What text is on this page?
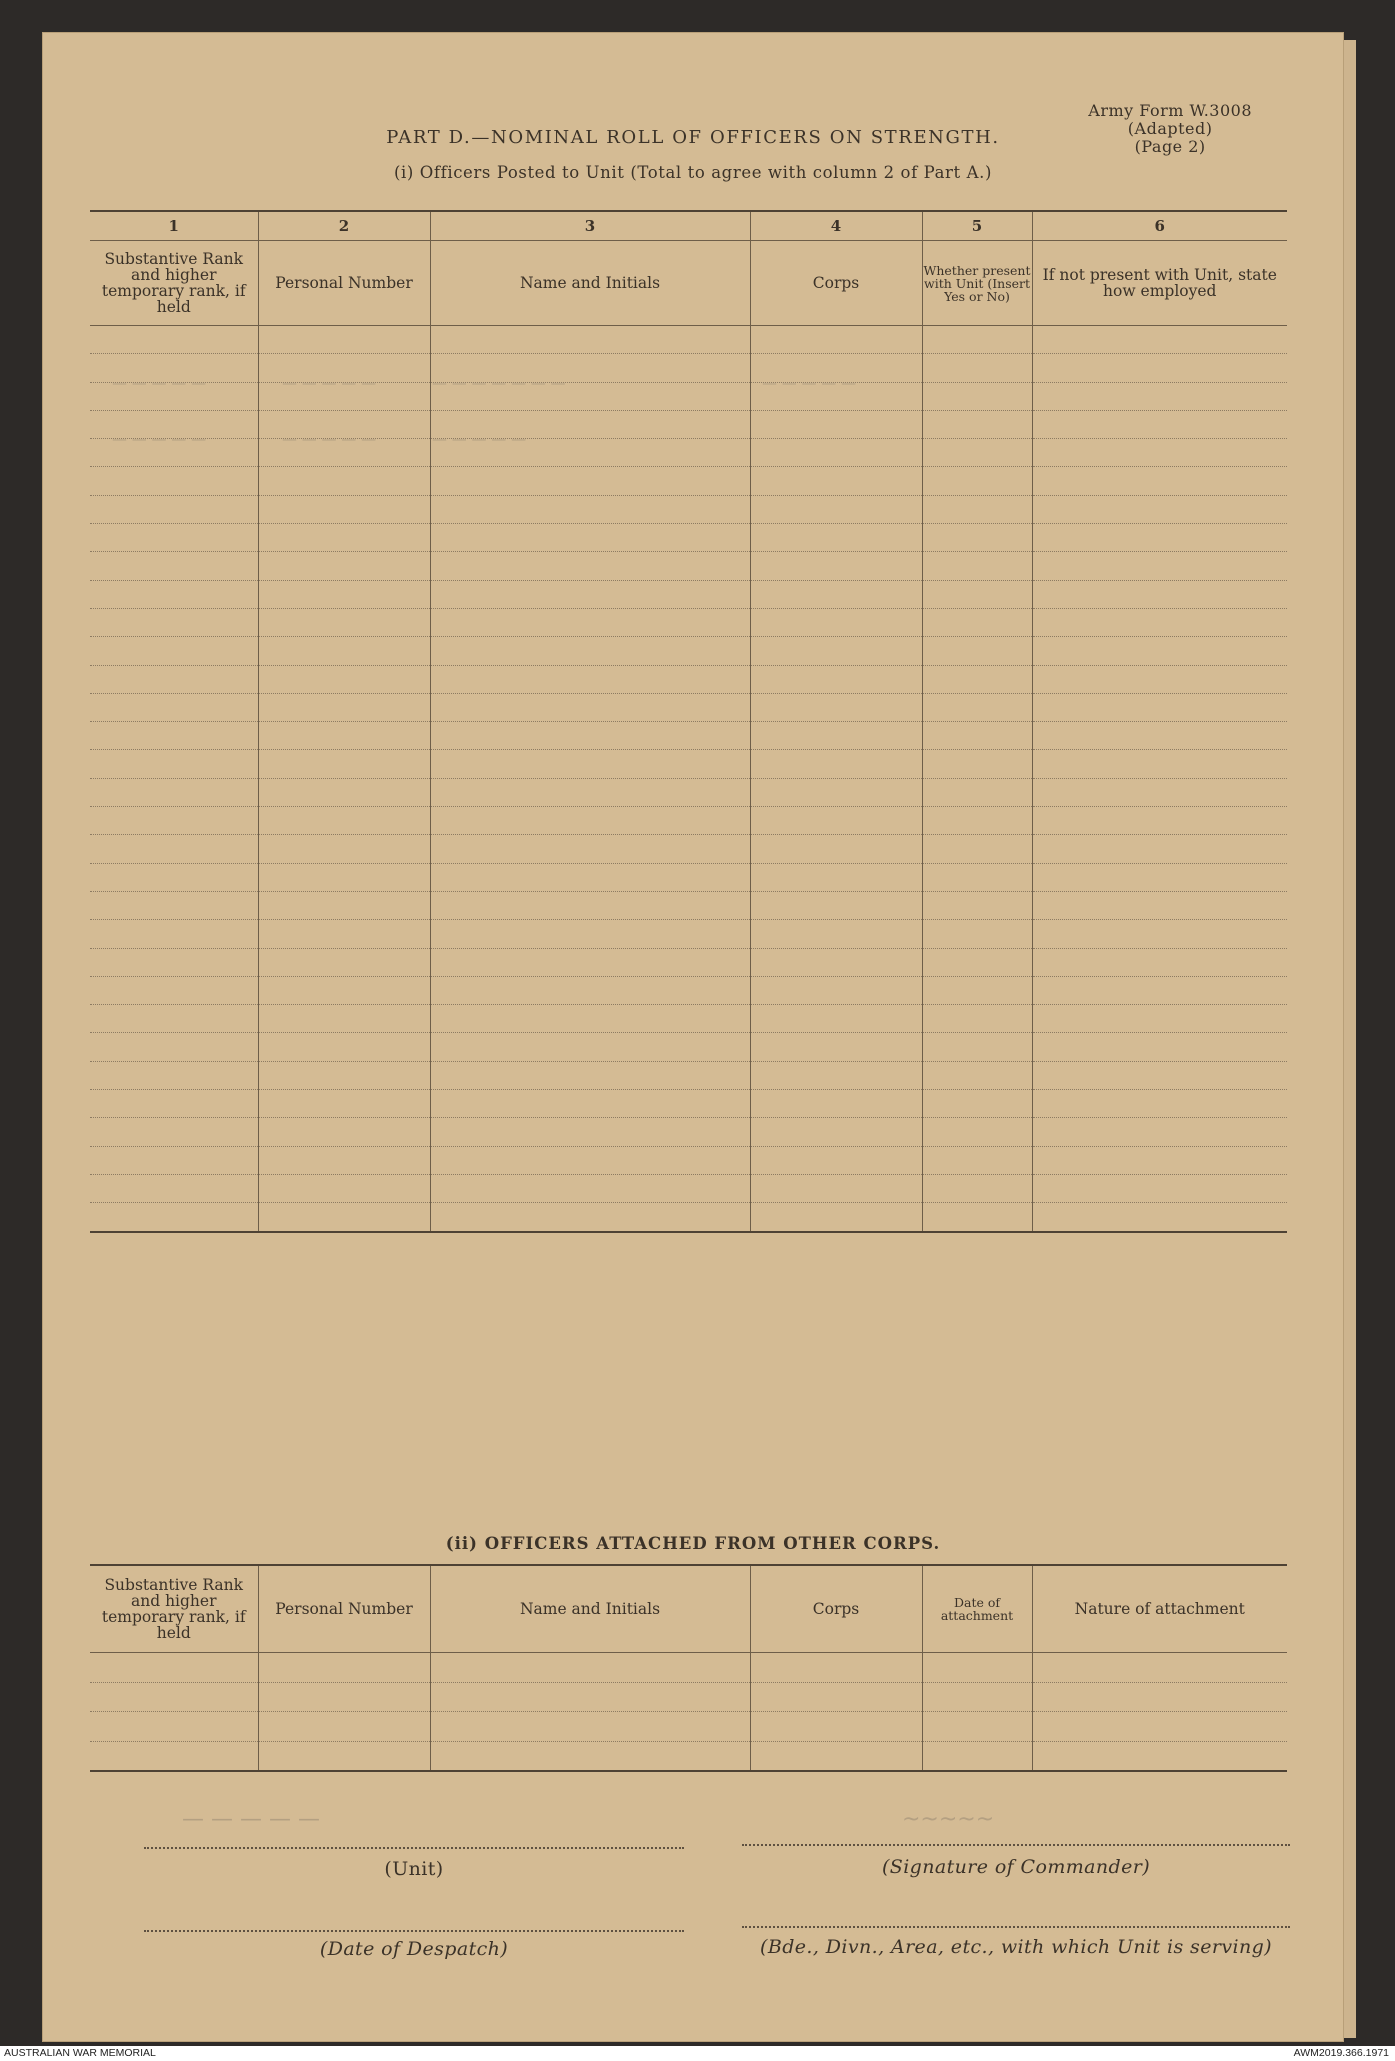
Army Form W.3008
(Adapted)
(Page 2)
PART D.—NOMINAL ROLL OF OFFICERS ON STRENGTH.
(i) Officers Posted to Unit (Total to agree with column 2 of Part A.)
1	2	3	4	5	6
Substantive Rank and higher temporary rank, if held	Personal Number	Name and Initials	Corps	Whether present with Unit (Insert Yes or No)	If not present with Unit, state how employed

(ii) OFFICERS ATTACHED FROM OTHER CORPS.
Substantive Rank and higher temporary rank, if held	Personal Number	Name and Initials	Corps	Date of attachment	Nature of attachment

— — — — —	— — — — —	— — — — — — —	— — — — —
— — — — —	— — — — —	— — — — —
— — — — —	~~~~~
(Unit)	(Signature of Commander)
(Date of Despatch)	(Bde., Divn., Area, etc., with which Unit is serving)
AUSTRALIAN WAR MEMORIAL	AWM2019.366.1971
